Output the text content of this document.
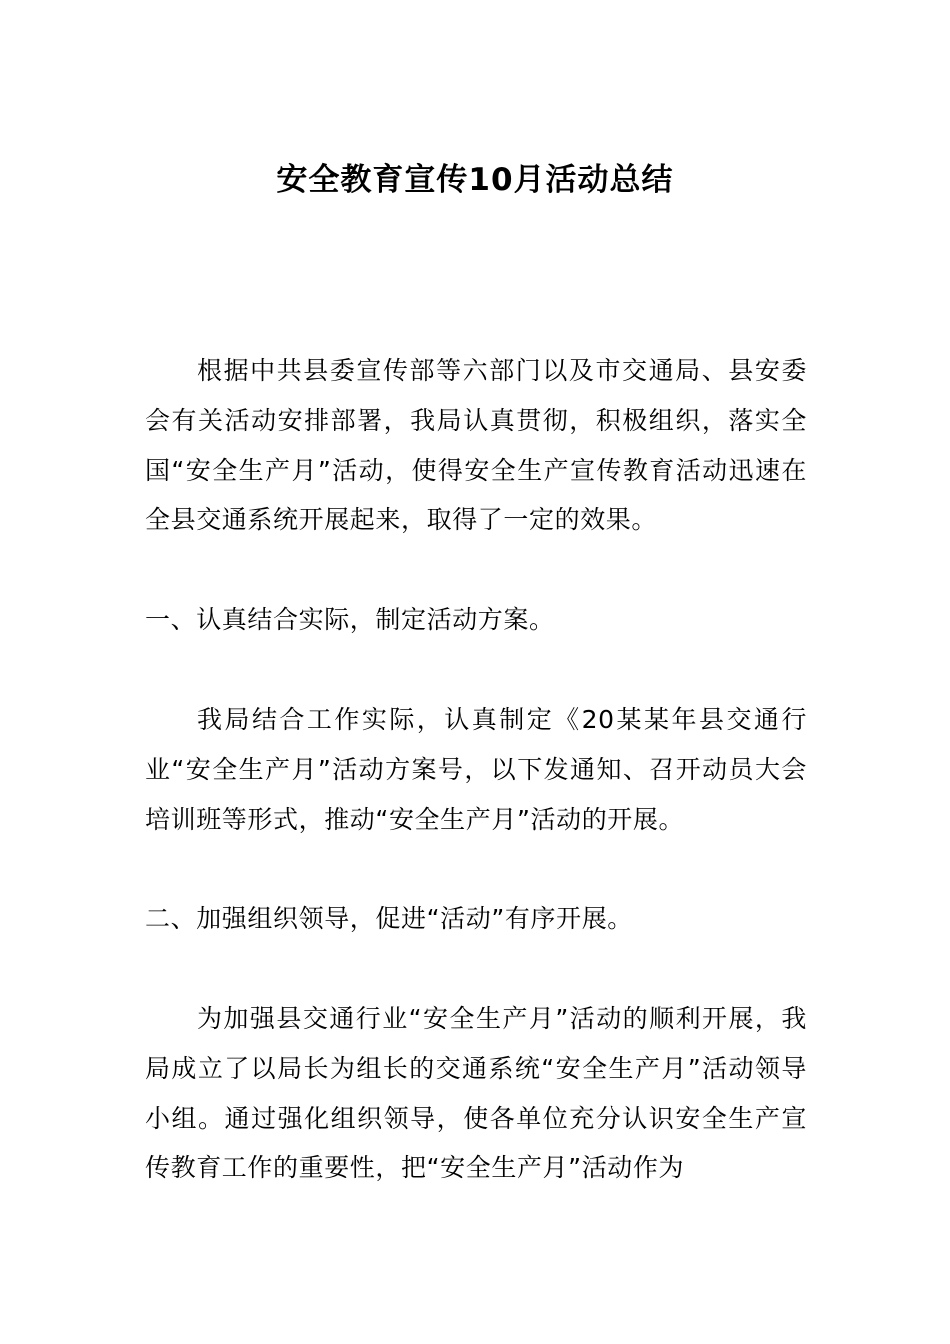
安全教育宣传10月活动总结
根据中共县委宣传部等六部门以及市交通局、县安委会有关活动安排部署，我局认真贯彻，积极组织，落实全国“安全生产月”活动，使得安全生产宣传教育活动迅速在全县交通系统开展起来，取得了一定的效果。
一、认真结合实际，制定活动方案。
我局结合工作实际，认真制定《20某某年县交通行业“安全生产月”活动方案号，以下发通知、召开动员大会培训班等形式，推动“安全生产月”活动的开展。
二、加强组织领导，促进“活动”有序开展。
为加强县交通行业“安全生产月”活动的顺利开展，我局成立了以局长为组长的交通系统“安全生产月”活动领导小组。通过强化组织领导，使各单位充分认识安全生产宣传教育工作的重要性，把“安全生产月”活动作为
